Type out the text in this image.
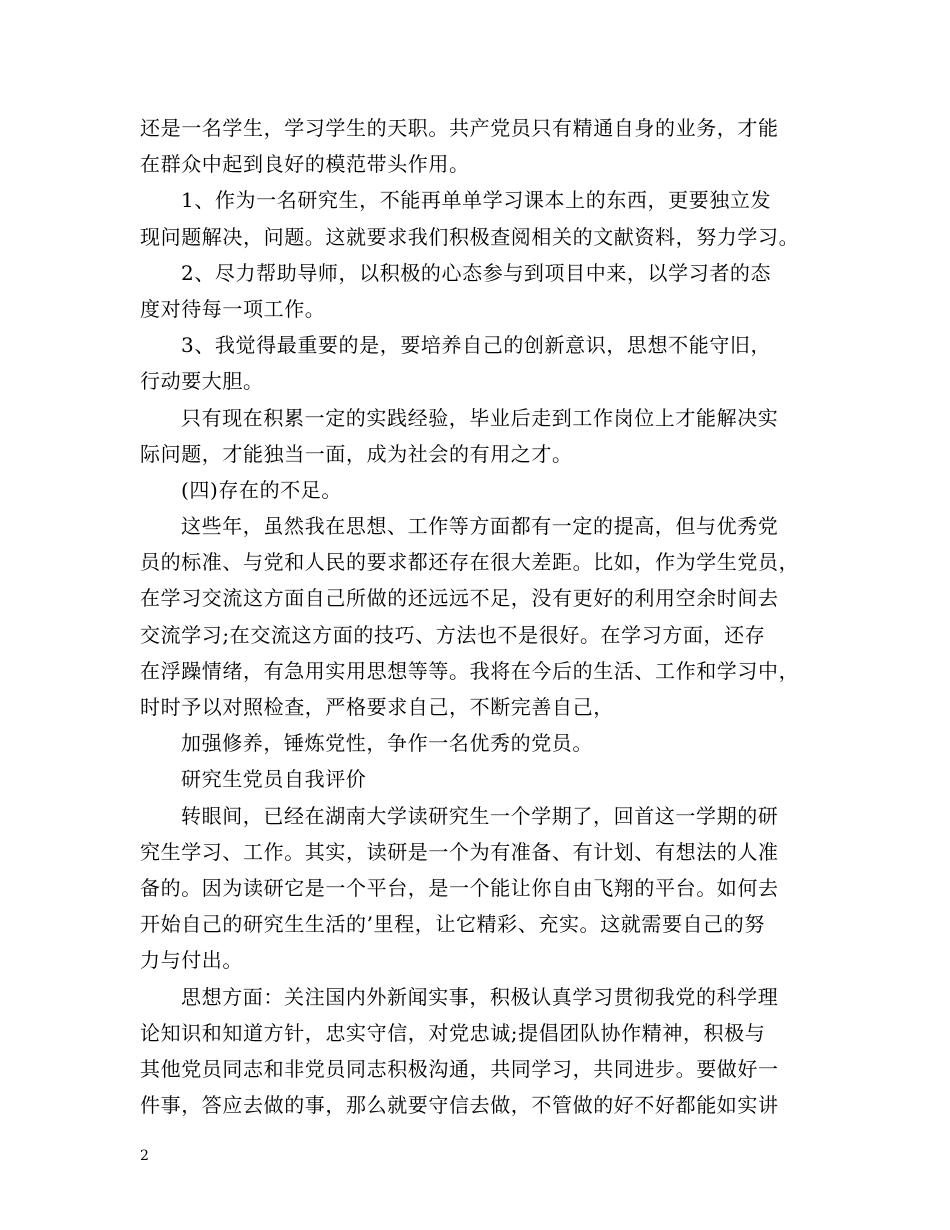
还是一名学生，学习学生的天职。共产党员只有精通自身的业务，才能
在群众中起到良好的模范带头作用。
1、作为一名研究生，不能再单单学习课本上的东西，更要独立发
现问题解决，问题。这就要求我们积极查阅相关的文献资料，努力学习。
2、尽力帮助导师，以积极的心态参与到项目中来，以学习者的态
度对待每一项工作。
3、我觉得最重要的是，要培养自己的创新意识，思想不能守旧，
行动要大胆。
只有现在积累一定的实践经验，毕业后走到工作岗位上才能解决实
际问题，才能独当一面，成为社会的有用之才。
(四)存在的不足。
这些年，虽然我在思想、工作等方面都有一定的提高，但与优秀党
员的标准、与党和人民的要求都还存在很大差距。比如，作为学生党员，
在学习交流这方面自己所做的还远远不足，没有更好的利用空余时间去
交流学习;在交流这方面的技巧、方法也不是很好。在学习方面，还存
在浮躁情绪，有急用实用思想等等。我将在今后的生活、工作和学习中，
时时予以对照检查，严格要求自己，不断完善自己，
加强修养，锤炼党性，争作一名优秀的党员。
研究生党员自我评价
转眼间，已经在湖南大学读研究生一个学期了，回首这一学期的研
究生学习、工作。其实，读研是一个为有准备、有计划、有想法的人准
备的。因为读研它是一个平台，是一个能让你自由飞翔的平台。如何去
开始自己的研究生生活的’里程，让它精彩、充实。这就需要自己的努
力与付出。
思想方面：关注国内外新闻实事，积极认真学习贯彻我党的科学理
论知识和知道方针，忠实守信，对党忠诚;提倡团队协作精神，积极与
其他党员同志和非党员同志积极沟通，共同学习，共同进步。要做好一
件事，答应去做的事，那么就要守信去做，不管做的好不好都能如实讲
2
